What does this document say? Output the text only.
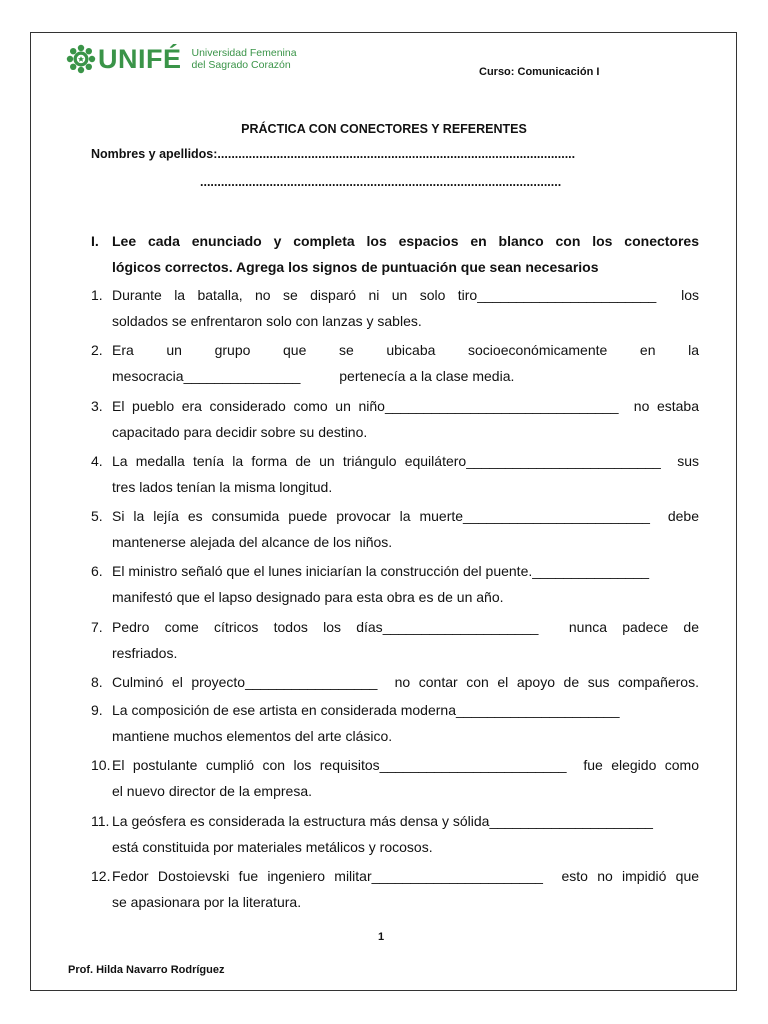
UNIFÉ Universidad Femenina
del Sagrado Corazón
Curso: Comunicación I
PRÁCTICA CON CONECTORES Y REFERENTES
Nombres y apellidos:.......................................................................................................
........................................................................................................
I. Lee cada enunciado y completa los espacios en blanco con los conectores
lógicos correctos. Agrega los signos de puntuación que sean necesarios
1. Durante la batalla, no se disparó ni un solo tiro_______________________ los
soldados se enfrentaron solo con lanzas y sables.
2. Era un grupo que se ubicaba socioeconómicamente en la
mesocracia_______________          pertenecía a la clase media.
3. El pueblo era considerado como un niño______________________________ no estaba
capacitado para decidir sobre su destino.
4. La medalla tenía la forma de un triángulo equilátero_________________________ sus
tres lados tenían la misma longitud.
5. Si la lejía es consumida puede provocar la muerte________________________ debe
mantenerse alejada del alcance de los niños.
6. El ministro señaló que el lunes iniciarían la construcción del puente._______________
manifestó que el lapso designado para esta obra es de un año.
7. Pedro come cítricos todos los días____________________ nunca padece de
resfriados.
8. Culminó el proyecto_________________ no contar con el apoyo de sus compañeros.
9. La composición de ese artista en considerada moderna_____________________
mantiene muchos elementos del arte clásico.
10. El postulante cumplió con los requisitos________________________ fue elegido como
el nuevo director de la empresa.
11. La geósfera es considerada la estructura más densa y sólida_____________________
está constituida por materiales metálicos y rocosos.
12. Fedor Dostoievski fue ingeniero militar______________________ esto no impidió que
se apasionara por la literatura.
1
Prof. Hilda Navarro Rodríguez
